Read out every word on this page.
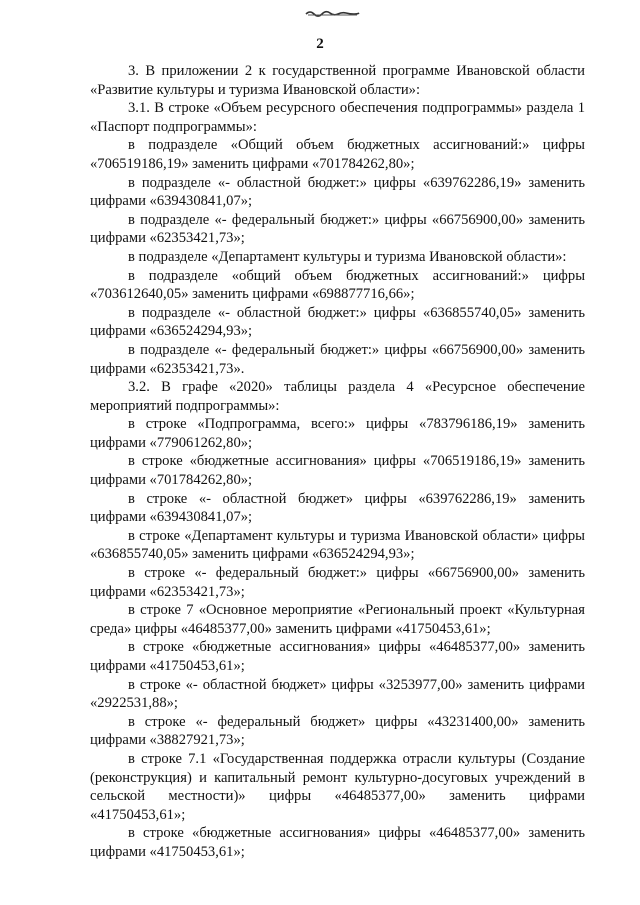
2

3. В приложении 2 к государственной программе Ивановской области «Развитие культуры и туризма Ивановской области»:

3.1. В строке «Объем ресурсного обеспечения подпрограммы» раздела 1 «Паспорт подпрограммы»:

в подразделе «Общий объем бюджетных ассигнований:» цифры «706519186,19» заменить цифрами «701784262,80»;

в подразделе «- областной бюджет:» цифры «639762286,19» заменить цифрами «639430841,07»;

в подразделе «- федеральный бюджет:» цифры «66756900,00» заменить цифрами «62353421,73»;

в подразделе «Департамент культуры и туризма Ивановской области»:

в подразделе «общий объем бюджетных ассигнований:» цифры «703612640,05» заменить цифрами «698877716,66»;

в подразделе «- областной бюджет:» цифры «636855740,05» заменить цифрами «636524294,93»;

в подразделе «- федеральный бюджет:» цифры «66756900,00» заменить цифрами «62353421,73».

3.2. В графе «2020» таблицы раздела 4 «Ресурсное обеспечение мероприятий подпрограммы»:

в строке «Подпрограмма, всего:» цифры «783796186,19» заменить цифрами «779061262,80»;

в строке «бюджетные ассигнования» цифры «706519186,19» заменить цифрами «701784262,80»;

в строке «- областной бюджет» цифры «639762286,19» заменить цифрами «639430841,07»;

в строке «Департамент культуры и туризма Ивановской области» цифры «636855740,05» заменить цифрами «636524294,93»;

в строке «- федеральный бюджет:» цифры «66756900,00» заменить цифрами «62353421,73»;

в строке 7 «Основное мероприятие «Региональный проект «Культурная среда» цифры «46485377,00» заменить цифрами «41750453,61»;

в строке «бюджетные ассигнования» цифры «46485377,00» заменить цифрами «41750453,61»;

в строке «- областной бюджет» цифры «3253977,00» заменить цифрами «2922531,88»;

в строке «- федеральный бюджет» цифры «43231400,00» заменить цифрами «38827921,73»;

в строке 7.1 «Государственная поддержка отрасли культуры (Создание (реконструкция) и капитальный ремонт культурно-досуговых учреждений в сельской местности)» цифры «46485377,00» заменить цифрами «41750453,61»;

в строке «бюджетные ассигнования» цифры «46485377,00» заменить цифрами «41750453,61»;
